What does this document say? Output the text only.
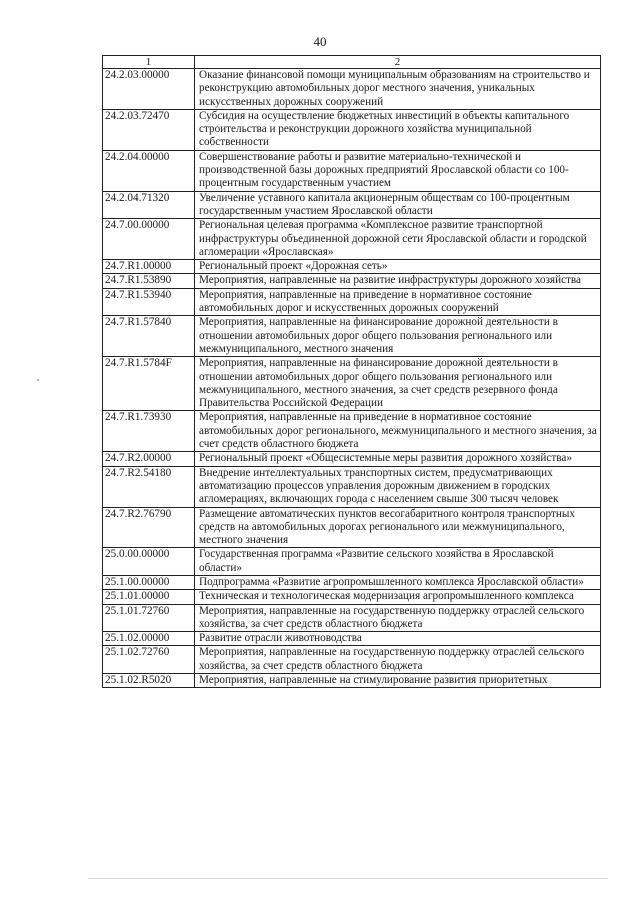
40
1	2
24.2.03.00000	Оказание финансовой помощи муниципальным образованиям на строительство и реконструкцию автомобильных дорог местного значения, уникальных искусственных дорожных сооружений
24.2.03.72470	Субсидия на осуществление бюджетных инвестиций в объекты капитального строительства и реконструкции дорожного хозяйства муниципальной собственности
24.2.04.00000	Совершенствование работы и развитие материально-технической и производственной базы дорожных предприятий Ярославской области со 100-процентным государственным участием
24.2.04.71320	Увеличение уставного капитала акционерным обществам со 100-процентным государственным участием Ярославской области
24.7.00.00000	Региональная целевая программа «Комплексное развитие транспортной инфраструктуры объединенной дорожной сети Ярославской области и городской агломерации «Ярославская»
24.7.R1.00000	Региональный проект «Дорожная сеть»
24.7.R1.53890	Мероприятия, направленные на развитие инфраструктуры дорожного хозяйства
24.7.R1.53940	Мероприятия, направленные на приведение в нормативное состояние автомобильных дорог и искусственных дорожных сооружений
24.7.R1.57840	Мероприятия, направленные на финансирование дорожной деятельности в отношении автомобильных дорог общего пользования регионального или межмуниципального, местного значения
24.7.R1.5784F	Мероприятия, направленные на финансирование дорожной деятельности в отношении автомобильных дорог общего пользования регионального или межмуниципального, местного значения, за счет средств резервного фонда Правительства Российской Федерации
24.7.R1.73930	Мероприятия, направленные на приведение в нормативное состояние автомобильных дорог регионального, межмуниципального и местного значения, за счет средств областного бюджета
24.7.R2.00000	Региональный проект «Общесистемные меры развития дорожного хозяйства»
24.7.R2.54180	Внедрение интеллектуальных транспортных систем, предусматривающих автоматизацию процессов управления дорожным движением в городских агломерациях, включающих города с населением свыше 300 тысяч человек
24.7.R2.76790	Размещение автоматических пунктов весогабаритного контроля транспортных средств на автомобильных дорогах регионального или межмуниципального, местного значения
25.0.00.00000	Государственная программа «Развитие сельского хозяйства в Ярославской области»
25.1.00.00000	Подпрограмма «Развитие агропромышленного комплекса Ярославской области»
25.1.01.00000	Техническая и технологическая модернизация агропромышленного комплекса
25.1.01.72760	Мероприятия, направленные на государственную поддержку отраслей сельского хозяйства, за счет средств областного бюджета
25.1.02.00000	Развитие отрасли животноводства
25.1.02.72760	Мероприятия, направленные на государственную поддержку отраслей сельского хозяйства, за счет средств областного бюджета
25.1.02.R5020	Мероприятия, направленные на стимулирование развития приоритетных
